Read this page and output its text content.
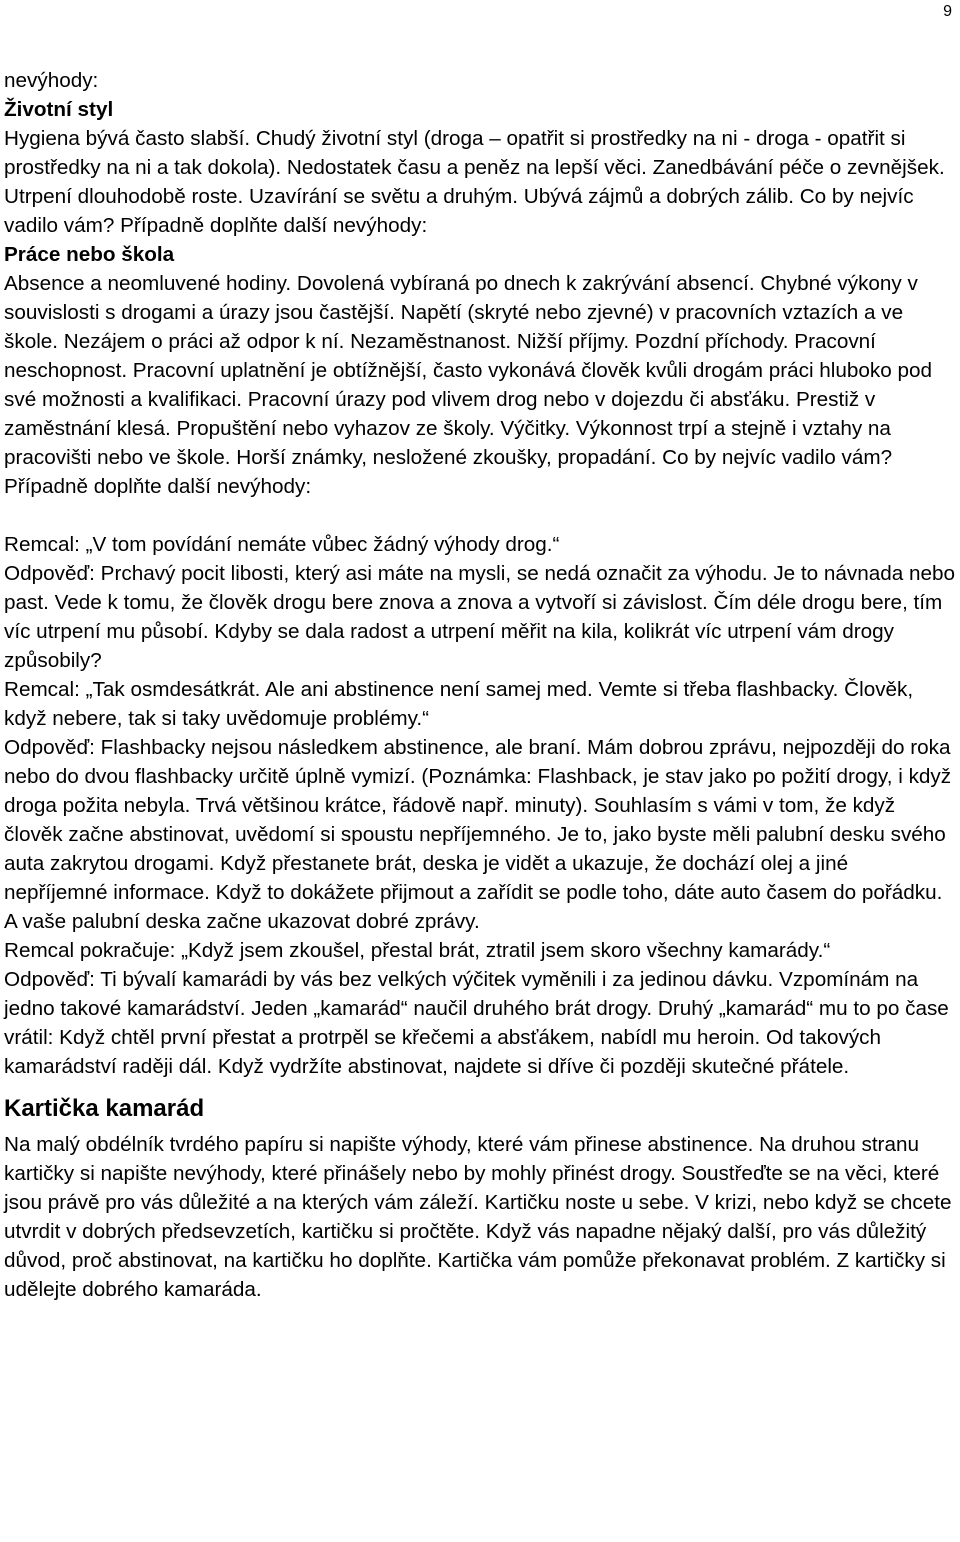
9

nevýhody:

Životní styl

Hygiena bývá často slabší. Chudý životní styl (droga – opatřit si prostředky na ni - droga - opatřit si prostředky na ni a tak dokola). Nedostatek času a peněz na lepší věci. Zanedbávání péče o zevnějšek. Utrpení dlouhodobě roste. Uzavírání se světu a druhým. Ubývá zájmů a dobrých zálib. Co by nejvíc vadilo vám? Případně doplňte další nevýhody:

Práce nebo škola

Absence a neomluvené hodiny. Dovolená vybíraná po dnech k zakrývání absencí. Chybné výkony v souvislosti s drogami a úrazy jsou častější. Napětí (skryté nebo zjevné) v pracovních vztazích a ve škole. Nezájem o práci až odpor k ní. Nezaměstnanost. Nižší příjmy. Pozdní příchody. Pracovní neschopnost. Pracovní uplatnění je obtížnější, často vykonává člověk kvůli drogám práci hluboko pod své možnosti a kvalifikaci. Pracovní úrazy pod vlivem drog nebo v dojezdu či absťáku. Prestiž v zaměstnání klesá. Propuštění nebo vyhazov ze školy. Výčitky. Výkonnost trpí a stejně i vztahy na pracovišti nebo ve škole. Horší známky, nesložené zkoušky, propadání. Co by nejvíc vadilo vám? Případně doplňte další nevýhody:

Remcal: „V tom povídání nemáte vůbec žádný výhody drog.“

Odpověď: Prchavý pocit libosti, který asi máte na mysli, se nedá označit za výhodu. Je to návnada nebo past. Vede k tomu, že člověk drogu bere znova a znova a vytvoří si závislost. Čím déle drogu bere, tím víc utrpení mu působí. Kdyby se dala radost a utrpení měřit na kila, kolikrát víc utrpení vám drogy způsobily?

Remcal: „Tak osmdesátkrát. Ale ani abstinence není samej med. Vemte si třeba flashbacky. Člověk, když nebere, tak si taky uvědomuje problémy.“

Odpověď: Flashbacky nejsou následkem abstinence, ale braní. Mám dobrou zprávu, nejpozději do roka nebo do dvou flashbacky určitě úplně vymizí. (Poznámka: Flashback, je stav jako po požití drogy, i když droga požita nebyla. Trvá většinou krátce, řádově např. minuty). Souhlasím s vámi v tom, že když člověk začne abstinovat, uvědomí si spoustu nepříjemného. Je to, jako byste měli palubní desku svého auta zakrytou drogami. Když přestanete brát, deska je vidět a ukazuje, že dochází olej a jiné nepříjemné informace. Když to dokážete přijmout a zařídit se podle toho, dáte auto časem do pořádku. A vaše palubní deska začne ukazovat dobré zprávy.

Remcal pokračuje: „Když jsem zkoušel, přestal brát, ztratil jsem skoro všechny kamarády.“

Odpověď: Ti bývalí kamarádi by vás bez velkých výčitek vyměnili i za jedinou dávku. Vzpomínám na jedno takové kamarádství. Jeden „kamarád“ naučil druhého brát drogy. Druhý „kamarád“ mu to po čase vrátil: Když chtěl první přestat a protrpěl se křečemi a absťákem, nabídl mu heroin. Od takových kamarádství raději dál. Když vydržíte abstinovat, najdete si dříve či později skutečné přátele.

Kartička kamarád

Na malý obdélník tvrdého papíru si napište výhody, které vám přinese abstinence. Na druhou stranu kartičky si napište nevýhody, které přinášely nebo by mohly přinést drogy. Soustřeďte se na věci, které jsou právě pro vás důležité a na kterých vám záleží. Kartičku noste u sebe. V krizi, nebo když se chcete utvrdit v dobrých předsevzetích, kartičku si pročtěte. Když vás napadne nějaký další, pro vás důležitý důvod, proč abstinovat, na kartičku ho doplňte. Kartička vám pomůže překonavat problém. Z kartičky si udělejte dobrého kamaráda.
